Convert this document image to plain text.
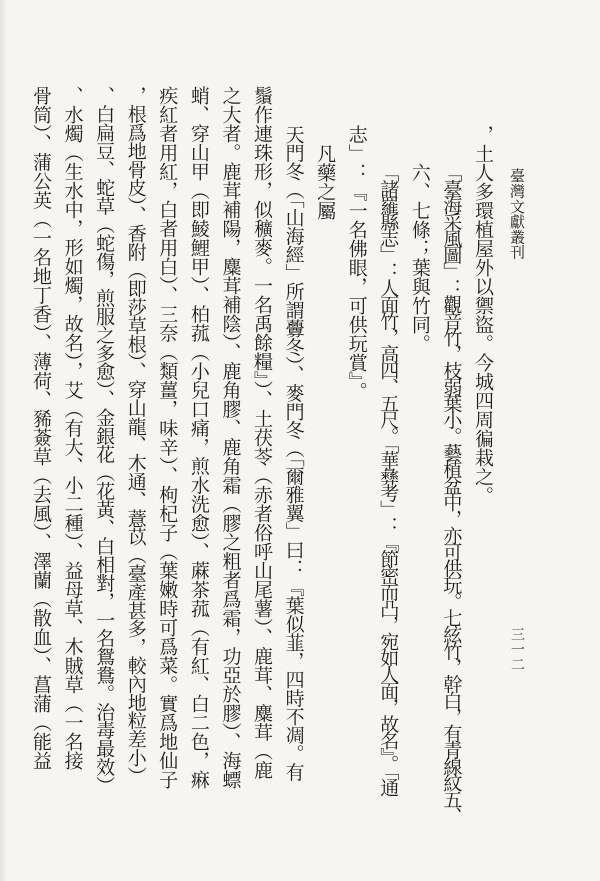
臺灣文獻叢刊
三一二
，土人多環植屋外以禦盜。今城四周徧栽之。
「臺海采風圖」：觀音竹，枝弱葉小。藝植盆中，亦可供玩。七絃竹，幹白，有青線紋五、
六、七條；葉與竹同。
「諸羅縣志」：人面竹，高四、五尺。「華彝考」：『節密而凸，宛如人面，故名』。「通
志」：『一名佛眼，可供玩賞』。
凡藥之屬
天門冬（「山海經」所謂虋冬）、麥門冬（「爾雅翼」曰：『葉似韮，四時不凋。有
鬚作連珠形，似穬麥。一名禹餘糧』）、土茯苓（赤者俗呼山尾薯）、鹿茸、麋茸（鹿
之大者。鹿茸補陽，麋茸補陰）、鹿角膠、鹿角霜（膠之粗者爲霜，功亞於膠）、海螵
蛸、穿山甲（即鯪鯉甲）、柏菰（小兒口痛，煎水洗愈）、蔴茶菰（有紅、白二色，痳
疾紅者用紅，白者用白）、三奈（類薑，味辛）、枸杞子（葉嫩時可爲菜。實爲地仙子
，根爲地骨皮）、香附（即莎草根）、穿山龍、木通、薏苡（臺產甚多，較內地粒差小）
、白扁豆、蛇草（蛇傷，煎服之多愈）、金銀花（花黃、白相對，一名鴛鴦。治毒最效）
、水燭（生水中，形如燭，故名），艾（有大、小二種）、益母草、木賊草（一名接
骨筒）、蒲公英（一名地丁香）、薄荷、豨薟草（去風）、澤蘭（散血）、菖蒲（能益
